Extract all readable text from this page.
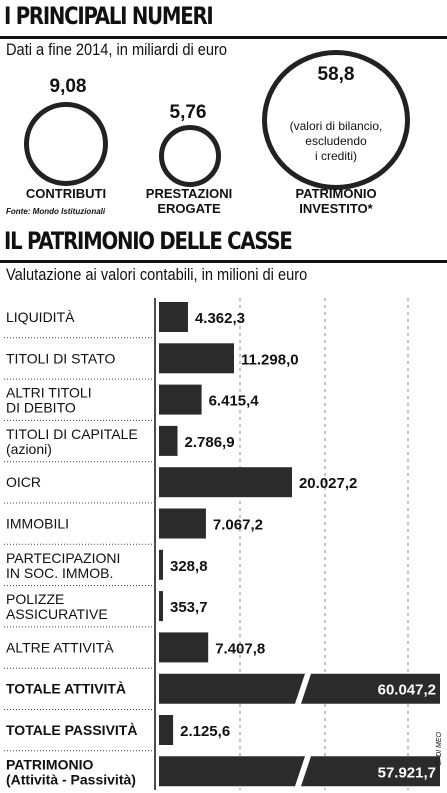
I PRINCIPALI NUMERI
Dati a fine 2014, in miliardi di euro
9,08
CONTRIBUTI
5,76
PRESTAZIONI
EROGATE
58,8
(valori di bilancio,
escludendo
i crediti)
PATRIMONIO
INVESTITO*
Fonte: Mondo Istituzionali
IL PATRIMONIO DELLE CASSE
Valutazione ai valori contabili, in milioni di euro
LIQUIDITÀ	4.362,3
TITOLI DI STATO	11.298,0
ALTRI TITOLI DI DEBITO	6.415,4
TITOLI DI CAPITALE (azioni)	2.786,9
OICR	20.027,2
IMMOBILI	7.067,2
PARTECIPAZIONI IN SOC. IMMOB.	328,8
POLIZZE ASSICURATIVE	353,7
ALTRE ATTIVITÀ	7.407,8
TOTALE ATTIVITÀ	60.047,2
TOTALE PASSIVITÀ	2.125,6
PATRIMONIO (Attività - Passività)	57.921,7
S. DI MEO
